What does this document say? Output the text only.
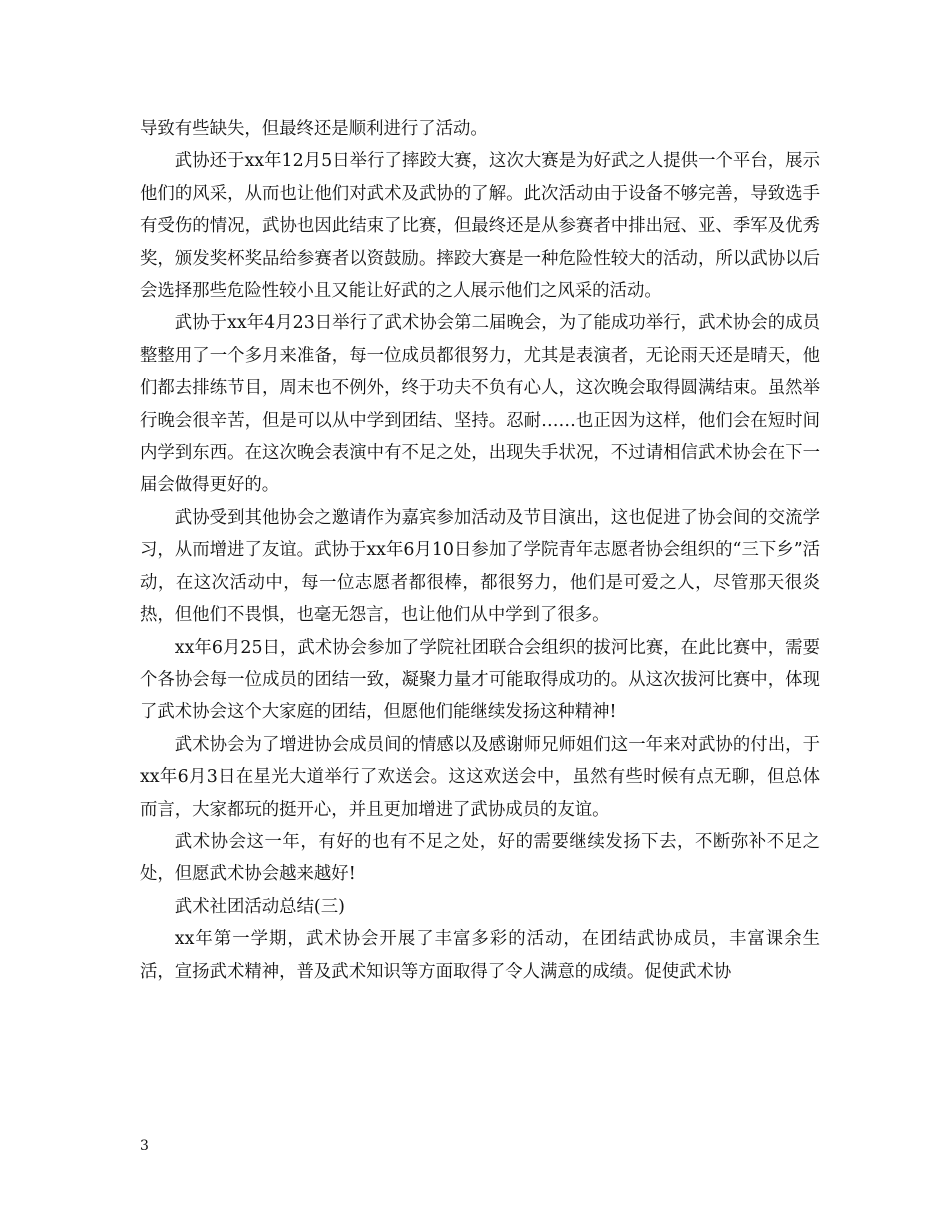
导致有些缺失，但最终还是顺利进行了活动。

武协还于xx年12月5日举行了摔跤大赛，这次大赛是为好武之人提供一个平台，展示他们的风采，从而也让他们对武术及武协的了解。此次活动由于设备不够完善，导致选手有受伤的情况，武协也因此结束了比赛，但最终还是从参赛者中排出冠、亚、季军及优秀奖，颁发奖杯奖品给参赛者以资鼓励。摔跤大赛是一种危险性较大的活动，所以武协以后会选择那些危险性较小且又能让好武的之人展示他们之风采的活动。

武协于xx年4月23日举行了武术协会第二届晚会，为了能成功举行，武术协会的成员整整用了一个多月来准备，每一位成员都很努力，尤其是表演者，无论雨天还是晴天，他们都去排练节目，周末也不例外，终于功夫不负有心人，这次晚会取得圆满结束。虽然举行晚会很辛苦，但是可以从中学到团结、坚持。忍耐……也正因为这样，他们会在短时间内学到东西。在这次晚会表演中有不足之处，出现失手状况，不过请相信武术协会在下一届会做得更好的。

武协受到其他协会之邀请作为嘉宾参加活动及节目演出，这也促进了协会间的交流学习，从而增进了友谊。武协于xx年6月10日参加了学院青年志愿者协会组织的“三下乡”活动，在这次活动中，每一位志愿者都很棒，都很努力，他们是可爱之人，尽管那天很炎热，但他们不畏惧，也毫无怨言，也让他们从中学到了很多。

xx年6月25日，武术协会参加了学院社团联合会组织的拔河比赛，在此比赛中，需要个各协会每一位成员的团结一致，凝聚力量才可能取得成功的。从这次拔河比赛中，体现了武术协会这个大家庭的团结，但愿他们能继续发扬这种精神!

武术协会为了增进协会成员间的情感以及感谢师兄师姐们这一年来对武协的付出，于xx年6月3日在星光大道举行了欢送会。这这欢送会中，虽然有些时候有点无聊，但总体而言，大家都玩的挺开心，并且更加增进了武协成员的友谊。

武术协会这一年，有好的也有不足之处，好的需要继续发扬下去，不断弥补不足之处，但愿武术协会越来越好!

武术社团活动总结(三)

xx年第一学期，武术协会开展了丰富多彩的活动，在团结武协成员，丰富课余生活，宣扬武术精神，普及武术知识等方面取得了令人满意的成绩。促使武术协

3
